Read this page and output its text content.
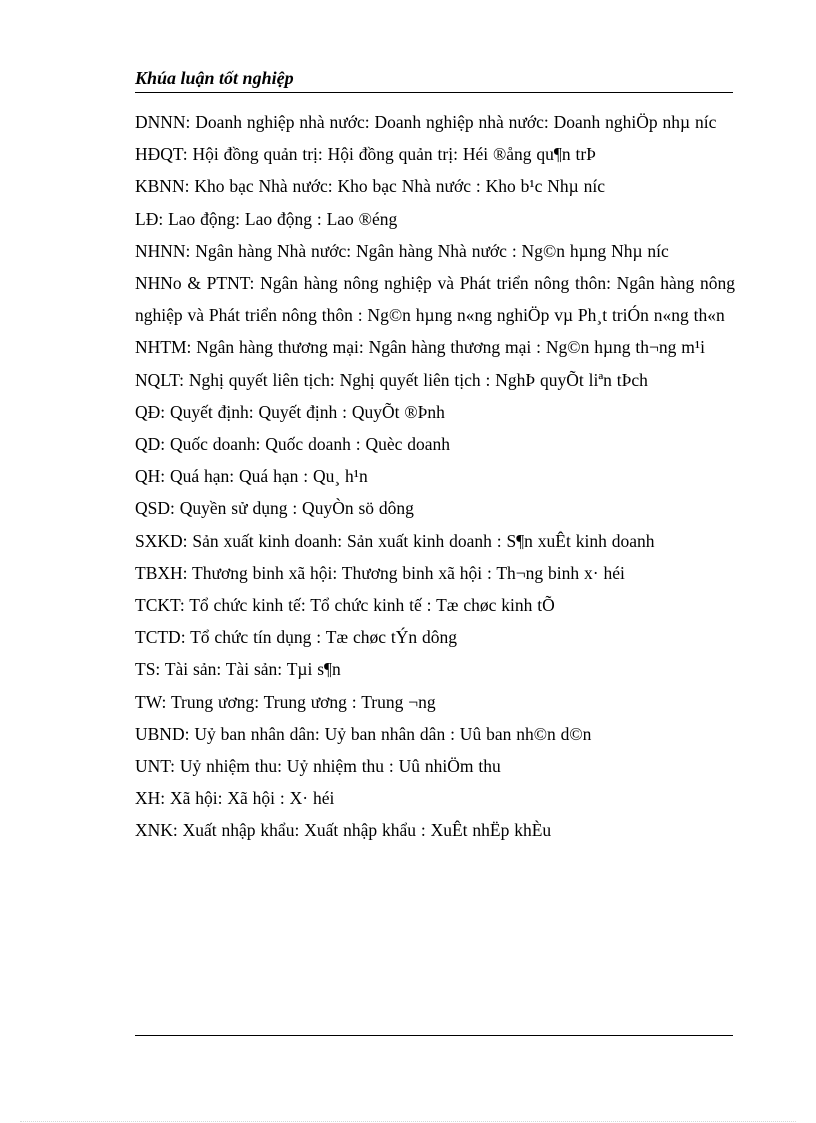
Khúa luận tốt nghiệp
DNNN: Doanh nghiệp nhà nước: Doanh nghiệp nhà nước: Doanh nghiÖp nhµ níc
HĐQT: Hội đồng quản trị: Hội đồng quản trị: Héi ®ång qu¶n trÞ
KBNN: Kho bạc Nhà nước: Kho bạc Nhà nước : Kho b¹c Nhµ níc
LĐ: Lao động: Lao động : Lao ®éng
NHNN: Ngân hàng Nhà nước: Ngân hàng Nhà nước : Ng©n hµng Nhµ níc
NHNo & PTNT: Ngân hàng nông nghiệp và Phát triển nông thôn: Ngân hàng nông nghiệp và Phát triển nông thôn : Ng©n hµng n«ng nghiÖp vµ Ph¸t triÓn n«ng th«n
NHTM: Ngân hàng thương mại: Ngân hàng thương mại : Ng©n hµng th¬ng m¹i
NQLT: Nghị quyết liên tịch: Nghị quyết liên tịch : NghÞ quyÕt liªn tÞch
QĐ: Quyết định: Quyết định : QuyÕt ®Þnh
QD: Quốc doanh: Quốc doanh : Quèc doanh
QH: Quá hạn: Quá hạn : Qu¸ h¹n
QSD: Quyền sử dụng : QuyÒn sö dông
SXKD: Sản xuất kinh doanh: Sản xuất kinh doanh : S¶n xuÊt kinh doanh
TBXH: Thương binh xã hội: Thương binh xã hội : Th¬ng binh x· héi
TCKT: Tổ chức kinh tế: Tổ chức kinh tế : Tæ chøc kinh tÕ
TCTD: Tổ chức tín dụng : Tæ chøc tÝn dông
TS: Tài sản: Tài sản: Tµi s¶n
TW: Trung ương: Trung ương : Trung ¬ng
UBND: Uỷ ban nhân dân: Uỷ ban nhân dân : Uû ban nh©n d©n
UNT: Uỷ nhiệm thu: Uỷ nhiệm thu : Uû nhiÖm thu
XH: Xã hội: Xã hội : X· héi
XNK: Xuất nhập khẩu: Xuất nhập khẩu : XuÊt nhËp khÈu
